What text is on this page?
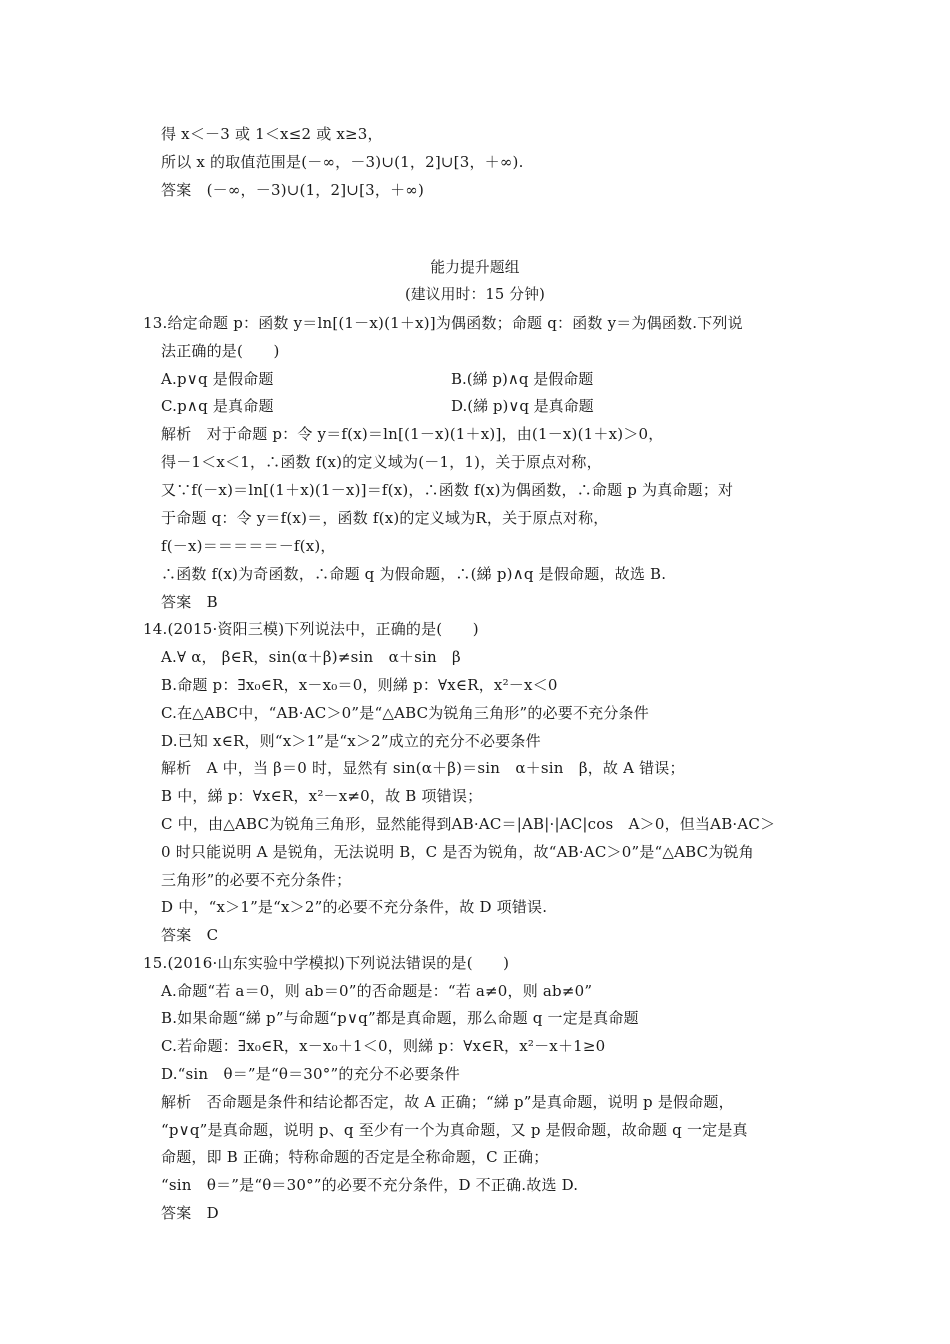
得 x＜－3 或 1＜x≤2 或 x≥3，
所以 x 的取值范围是(－∞，－3)∪(1，2]∪[3，＋∞).
答案　(－∞，－3)∪(1，2]∪[3，＋∞)
能力提升题组
(建议用时：15 分钟)
13.给定命题 p：函数 y＝ln[(1－x)(1＋x)]为偶函数；命题 q：函数 y＝为偶函数.下列说
法正确的是(　　)
A.p∨q 是假命题	B.(綈 p)∧q 是假命题
C.p∧q 是真命题	D.(綈 p)∨q 是真命题
解析　对于命题 p：令 y＝f(x)＝ln[(1－x)(1＋x)]，由(1－x)(1＋x)＞0，
得－1＜x＜1，∴函数 f(x)的定义域为(－1，1)，关于原点对称，
又∵f(－x)＝ln[(1＋x)(1－x)]＝f(x)，∴函数 f(x)为偶函数，∴命题 p 为真命题；对
于命题 q：令 y＝f(x)＝，函数 f(x)的定义域为R，关于原点对称，
f(－x)＝＝＝＝＝－f(x)，
∴函数 f(x)为奇函数，∴命题 q 为假命题，∴(綈 p)∧q 是假命题，故选 B.
答案　B
14.(2015·资阳三模)下列说法中，正确的是(　　)
A.∀ α， β∈R，sin(α＋β)≠sin　α＋sin　β
B.命题 p：∃x₀∈R，x－x₀＝0，则綈 p：∀x∈R，x²－x＜0
C.在△ABC中，“AB·AC＞0”是“△ABC为锐角三角形”的必要不充分条件
D.已知 x∈R，则“x＞1”是“x＞2”成立的充分不必要条件
解析　A 中，当 β＝0 时，显然有 sin(α＋β)＝sin　α＋sin　β，故 A 错误；
B 中，綈 p：∀x∈R，x²－x≠0，故 B 项错误；
C 中，由△ABC为锐角三角形，显然能得到AB·AC＝|AB|·|AC|cos　A＞0，但当AB·AC＞
0 时只能说明 A 是锐角，无法说明 B，C 是否为锐角，故“AB·AC＞0”是“△ABC为锐角
三角形”的必要不充分条件；
D 中，“x＞1”是“x＞2”的必要不充分条件，故 D 项错误.
答案　C
15.(2016·山东实验中学模拟)下列说法错误的是(　　)
A.命题“若 a＝0，则 ab＝0”的否命题是：“若 a≠0，则 ab≠0”
B.如果命题“綈 p”与命题“p∨q”都是真命题，那么命题 q 一定是真命题
C.若命题：∃x₀∈R，x－x₀＋1＜0，则綈 p：∀x∈R，x²－x＋1≥0
D.“sin　θ＝”是“θ＝30°”的充分不必要条件
解析　否命题是条件和结论都否定，故 A 正确；“綈 p”是真命题，说明 p 是假命题，
“p∨q”是真命题，说明 p、q 至少有一个为真命题，又 p 是假命题，故命题 q 一定是真
命题，即 B 正确；特称命题的否定是全称命题，C 正确；
“sin　θ＝”是“θ＝30°”的必要不充分条件，D 不正确.故选 D.
答案　D
